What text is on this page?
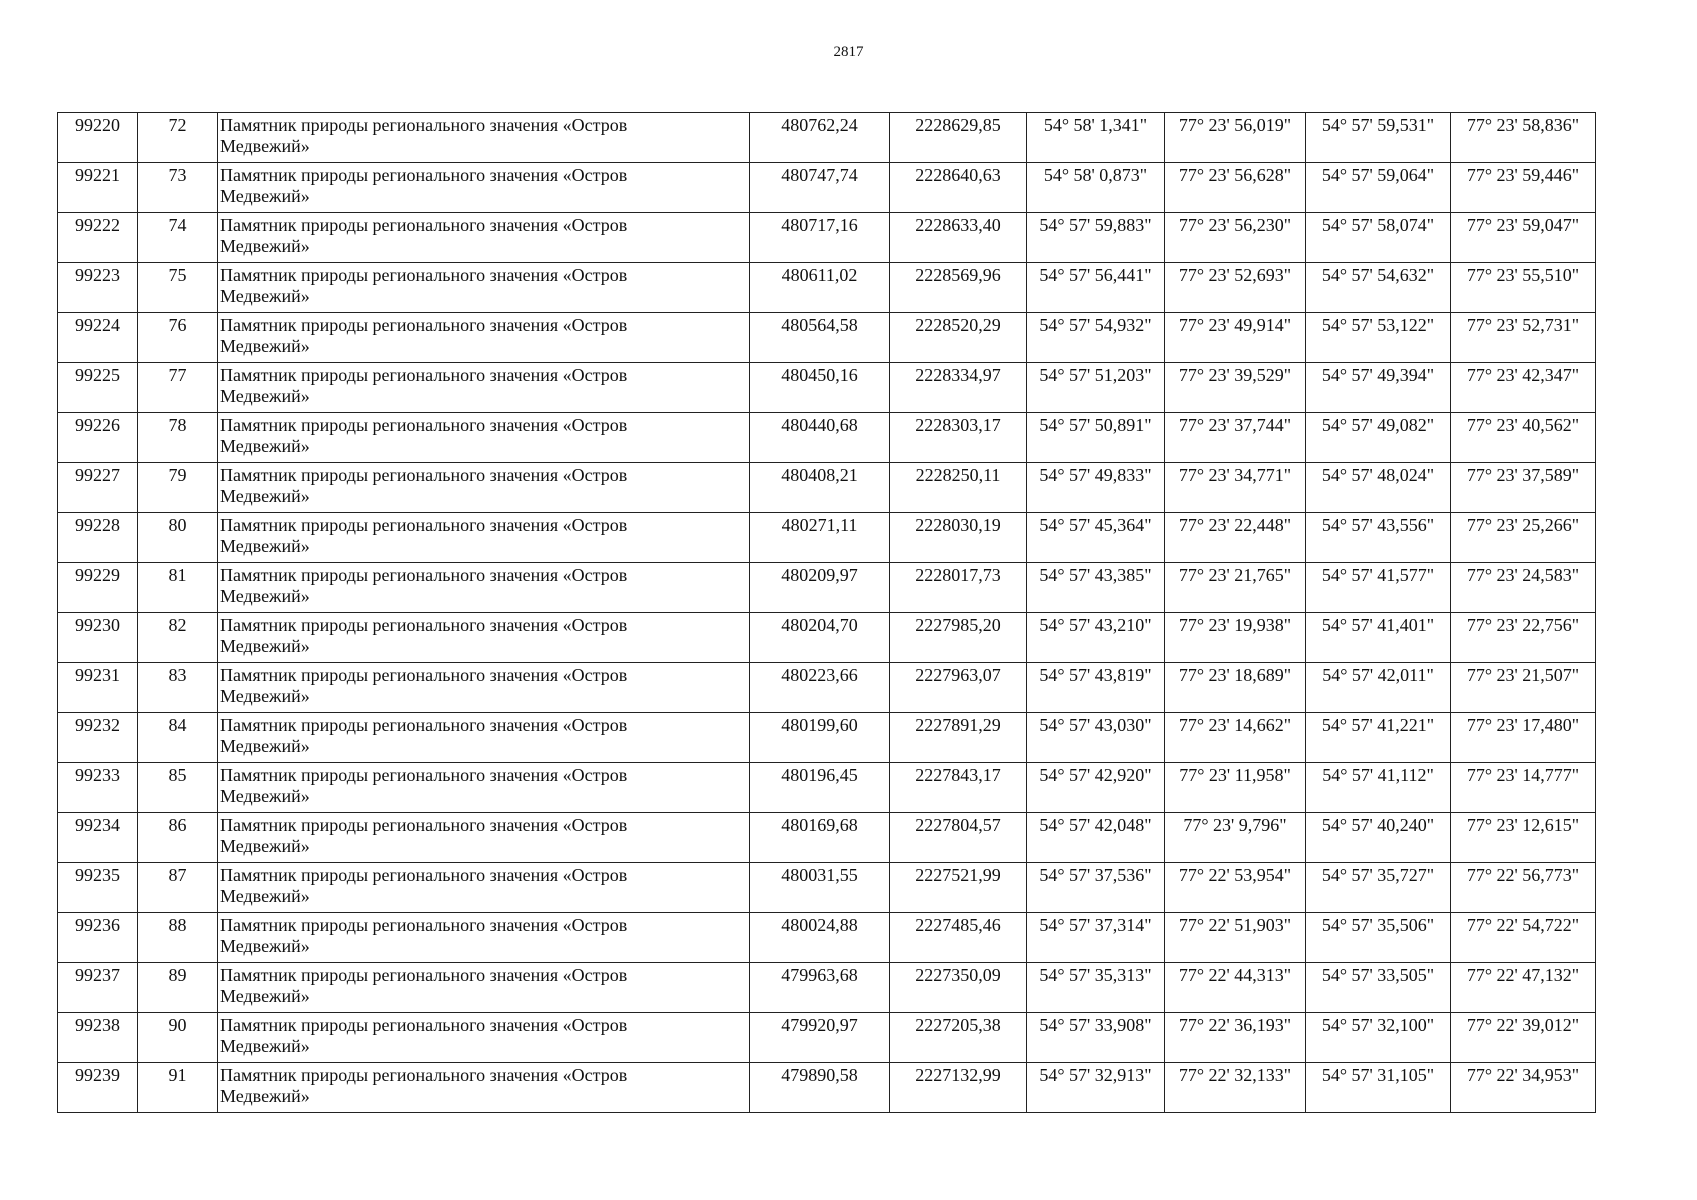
2817
99220	72	Памятник природы регионального значения «Остров Медвежий»	480762,24	2228629,85	54° 58' 1,341"	77° 23' 56,019"	54° 57' 59,531"	77° 23' 58,836"
99221	73	Памятник природы регионального значения «Остров Медвежий»	480747,74	2228640,63	54° 58' 0,873"	77° 23' 56,628"	54° 57' 59,064"	77° 23' 59,446"
99222	74	Памятник природы регионального значения «Остров Медвежий»	480717,16	2228633,40	54° 57' 59,883"	77° 23' 56,230"	54° 57' 58,074"	77° 23' 59,047"
99223	75	Памятник природы регионального значения «Остров Медвежий»	480611,02	2228569,96	54° 57' 56,441"	77° 23' 52,693"	54° 57' 54,632"	77° 23' 55,510"
99224	76	Памятник природы регионального значения «Остров Медвежий»	480564,58	2228520,29	54° 57' 54,932"	77° 23' 49,914"	54° 57' 53,122"	77° 23' 52,731"
99225	77	Памятник природы регионального значения «Остров Медвежий»	480450,16	2228334,97	54° 57' 51,203"	77° 23' 39,529"	54° 57' 49,394"	77° 23' 42,347"
99226	78	Памятник природы регионального значения «Остров Медвежий»	480440,68	2228303,17	54° 57' 50,891"	77° 23' 37,744"	54° 57' 49,082"	77° 23' 40,562"
99227	79	Памятник природы регионального значения «Остров Медвежий»	480408,21	2228250,11	54° 57' 49,833"	77° 23' 34,771"	54° 57' 48,024"	77° 23' 37,589"
99228	80	Памятник природы регионального значения «Остров Медвежий»	480271,11	2228030,19	54° 57' 45,364"	77° 23' 22,448"	54° 57' 43,556"	77° 23' 25,266"
99229	81	Памятник природы регионального значения «Остров Медвежий»	480209,97	2228017,73	54° 57' 43,385"	77° 23' 21,765"	54° 57' 41,577"	77° 23' 24,583"
99230	82	Памятник природы регионального значения «Остров Медвежий»	480204,70	2227985,20	54° 57' 43,210"	77° 23' 19,938"	54° 57' 41,401"	77° 23' 22,756"
99231	83	Памятник природы регионального значения «Остров Медвежий»	480223,66	2227963,07	54° 57' 43,819"	77° 23' 18,689"	54° 57' 42,011"	77° 23' 21,507"
99232	84	Памятник природы регионального значения «Остров Медвежий»	480199,60	2227891,29	54° 57' 43,030"	77° 23' 14,662"	54° 57' 41,221"	77° 23' 17,480"
99233	85	Памятник природы регионального значения «Остров Медвежий»	480196,45	2227843,17	54° 57' 42,920"	77° 23' 11,958"	54° 57' 41,112"	77° 23' 14,777"
99234	86	Памятник природы регионального значения «Остров Медвежий»	480169,68	2227804,57	54° 57' 42,048"	77° 23' 9,796"	54° 57' 40,240"	77° 23' 12,615"
99235	87	Памятник природы регионального значения «Остров Медвежий»	480031,55	2227521,99	54° 57' 37,536"	77° 22' 53,954"	54° 57' 35,727"	77° 22' 56,773"
99236	88	Памятник природы регионального значения «Остров Медвежий»	480024,88	2227485,46	54° 57' 37,314"	77° 22' 51,903"	54° 57' 35,506"	77° 22' 54,722"
99237	89	Памятник природы регионального значения «Остров Медвежий»	479963,68	2227350,09	54° 57' 35,313"	77° 22' 44,313"	54° 57' 33,505"	77° 22' 47,132"
99238	90	Памятник природы регионального значения «Остров Медвежий»	479920,97	2227205,38	54° 57' 33,908"	77° 22' 36,193"	54° 57' 32,100"	77° 22' 39,012"
99239	91	Памятник природы регионального значения «Остров Медвежий»	479890,58	2227132,99	54° 57' 32,913"	77° 22' 32,133"	54° 57' 31,105"	77° 22' 34,953"
